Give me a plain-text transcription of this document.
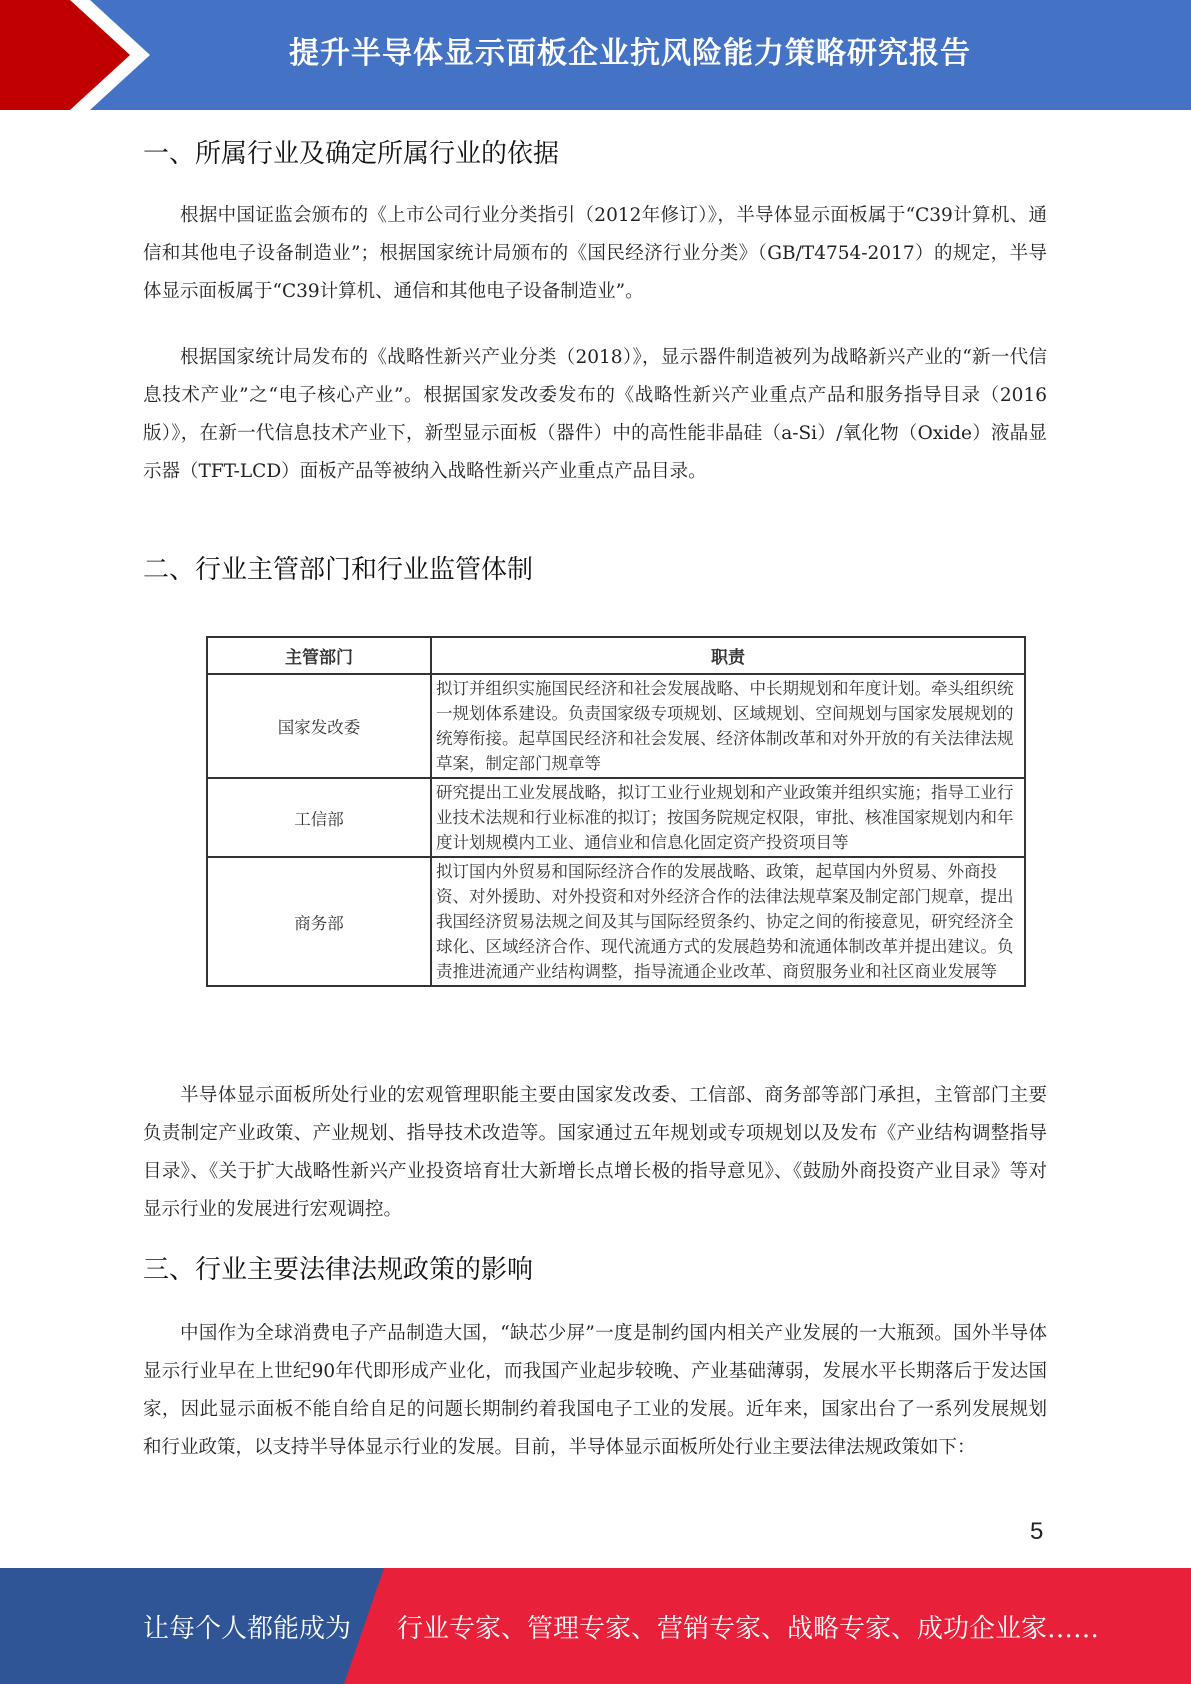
提升半导体显示面板企业抗风险能力策略研究报告
一、所属行业及确定所属行业的依据

根据中国证监会颁布的《上市公司行业分类指引（2012年修订）》，半导体显示面板属于“C39计算机、通信和其他电子设备制造业”；根据国家统计局颁布的《国民经济行业分类》（GB/T4754-2017）的规定，半导体显示面板属于“C39计算机、通信和其他电子设备制造业”。

根据国家统计局发布的《战略性新兴产业分类（2018）》，显示器件制造被列为战略新兴产业的“新一代信息技术产业”之“电子核心产业”。根据国家发改委发布的《战略性新兴产业重点产品和服务指导目录（2016版）》，在新一代信息技术产业下，新型显示面板（器件）中的高性能非晶硅（a-Si）/氧化物（Oxide）液晶显示器（TFT-LCD）面板产品等被纳入战略性新兴产业重点产品目录。

二、行业主管部门和行业监管体制
主管部门	职责
国家发改委	拟订并组织实施国民经济和社会发展战略、中长期规划和年度计划。牵头组织统一规划体系建设。负责国家级专项规划、区域规划、空间规划与国家发展规划的统筹衔接。起草国民经济和社会发展、经济体制改革和对外开放的有关法律法规草案，制定部门规章等
工信部	研究提出工业发展战略，拟订工业行业规划和产业政策并组织实施；指导工业行业技术法规和行业标准的拟订；按国务院规定权限，审批、核准国家规划内和年度计划规模内工业、通信业和信息化固定资产投资项目等
商务部	拟订国内外贸易和国际经济合作的发展战略、政策，起草国内外贸易、外商投资、对外援助、对外投资和对外经济合作的法律法规草案及制定部门规章，提出我国经济贸易法规之间及其与国际经贸条约、协定之间的衔接意见，研究经济全球化、区域经济合作、现代流通方式的发展趋势和流通体制改革并提出建议。负责推进流通产业结构调整，指导流通企业改革、商贸服务业和社区商业发展等

半导体显示面板所处行业的宏观管理职能主要由国家发改委、工信部、商务部等部门承担，主管部门主要负责制定产业政策、产业规划、指导技术改造等。国家通过五年规划或专项规划以及发布《产业结构调整指导目录》、《关于扩大战略性新兴产业投资培育壮大新增长点增长极的指导意见》、《鼓励外商投资产业目录》等对显示行业的发展进行宏观调控。

三、行业主要法律法规政策的影响

中国作为全球消费电子产品制造大国，“缺芯少屏”一度是制约国内相关产业发展的一大瓶颈。国外半导体显示行业早在上世纪90年代即形成产业化，而我国产业起步较晚、产业基础薄弱，发展水平长期落后于发达国家，因此显示面板不能自给自足的问题长期制约着我国电子工业的发展。近年来，国家出台了一系列发展规划和行业政策，以支持半导体显示行业的发展。目前，半导体显示面板所处行业主要法律法规政策如下：

5
让每个人都能成为 行业专家、管理专家、营销专家、战略专家、成功企业家……
